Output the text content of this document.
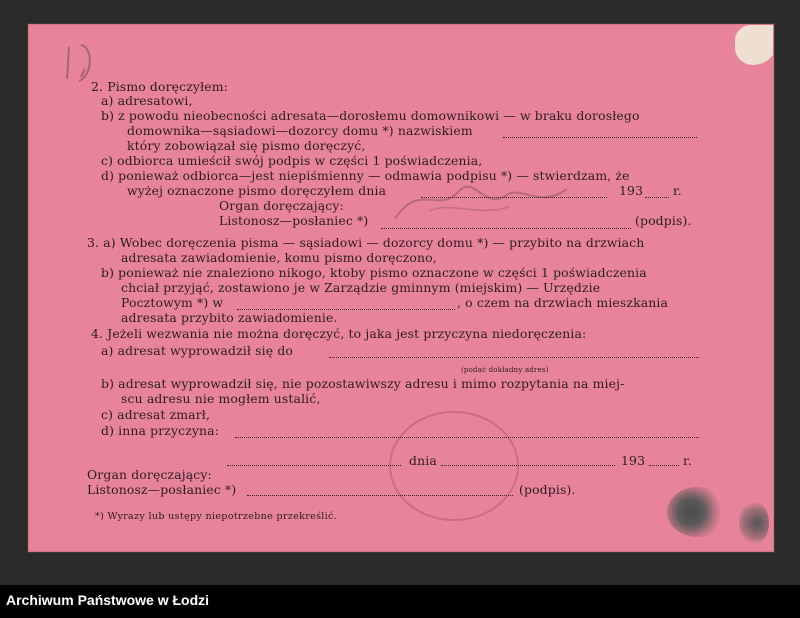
2. Pismo doręczyłem:
a) adresatowi,
b) z powodu nieobecności adresata—dorosłemu domownikowi — w braku dorosłego
domownika—sąsiadowi—dozorcy domu *) nazwiskiem
który zobowiązał się pismo doręczyć,
c) odbiorca umieścił swój podpis w części 1 poświadczenia,
d) ponieważ odbiorca—jest niepiśmienny — odmawia podpisu *) — stwierdzam, że
wyżej oznaczone pismo doręczyłem dnia	193 r.
Organ doręczający:
Listonosz—posłaniec *)	(podpis).
3. a) Wobec doręczenia pisma — sąsiadowi — dozorcy domu *) — przybito na drzwiach
adresata zawiadomienie, komu pismo doręczono,
b) ponieważ nie znaleziono nikogo, ktoby pismo oznaczone w części 1 poświadczenia
chciał przyjąć, zostawiono je w Zarządzie gminnym (miejskim) — Urzędzie
Pocztowym *) w	, o czem na drzwiach mieszkania
adresata przybito zawiadomienie.
4. Jeżeli wezwania nie można doręczyć, to jaka jest przyczyna niedoręczenia:
a) adresat wyprowadził się do
(podać dokładny adres)
b) adresat wyprowadził się, nie pozostawiwszy adresu i mimo rozpytania na miej-
scu adresu nie mogłem ustalić,
c) adresat zmarł,
d) inna przyczyna:
dnia	193	r.
Organ doręczający:
Listonosz—posłaniec *)	(podpis).
*) Wyrazy lub ustępy niepotrzebne przekreślić.
Archiwum Państwowe w Łodzi
